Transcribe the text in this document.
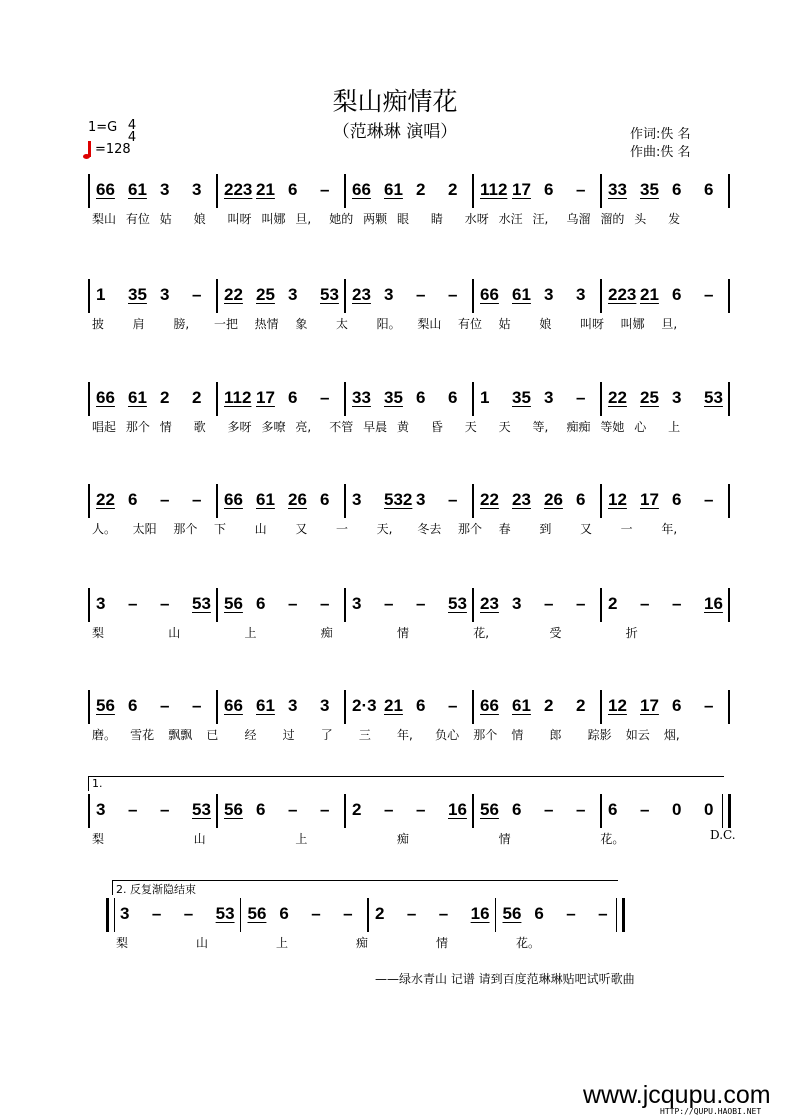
梨山痴情花
（范琳琳 演唱）
1=G 4
4
=128
作词:佚 名
作曲:佚 名
66 61 3 3 223 21 6 – 66 61 2 2 112 17 6 – 33 35 6 6
梨山 有位 姑 娘 叫呀 叫娜 旦, 她的 两颗 眼 睛 水呀 水汪 汪, 乌溜 溜的 头 发
1 35 3 – 22 25 3 53 23 3 – – 66 61 3 3 223 21 6 –
披 肩 膀, 一把 热情 象 太 阳。 梨山 有位 姑 娘 叫呀 叫娜 旦,
66 61 2 2 112 17 6 – 33 35 6 6 1 35 3 – 22 25 3 53
唱起 那个 情 歌 多呀 多嘹 亮, 不管 早晨 黄 昏 天 天 等, 痴痴 等她 心 上
22 6 – – 66 61 26 6 3 532 3 – 22 23 26 6 12 17 6 –
人。 太阳 那个 下 山 又 一 天, 冬去 那个 春 到 又 一 年,
3 – – 53 56 6 – – 3 – – 53 23 3 – – 2 – – 16
梨	山	上	痴	情	花,	受	折
56 6 – – 66 61 3 3 2·3 21 6 – 66 61 2 2 12 17 6 –
磨。 雪花 飘飘 已 经 过 了 三 年, 负心 那个 情 郎 踪影 如云 烟,
1.
3 – – 53 56 6 – – 2 – – 16 56 6 – – 6 – 0 0
梨	山	上	痴	情	花。	D.C.
2. 反复渐隐结束
3 – – 53 56 6 – – 2 – – 16 56 6 – –
梨	山	上	痴	情	花。
——绿水青山 记谱 请到百度范琳琳贴吧试听歌曲
www.jcqupu.com
HTTP://QUPU.HAOBI.NET
